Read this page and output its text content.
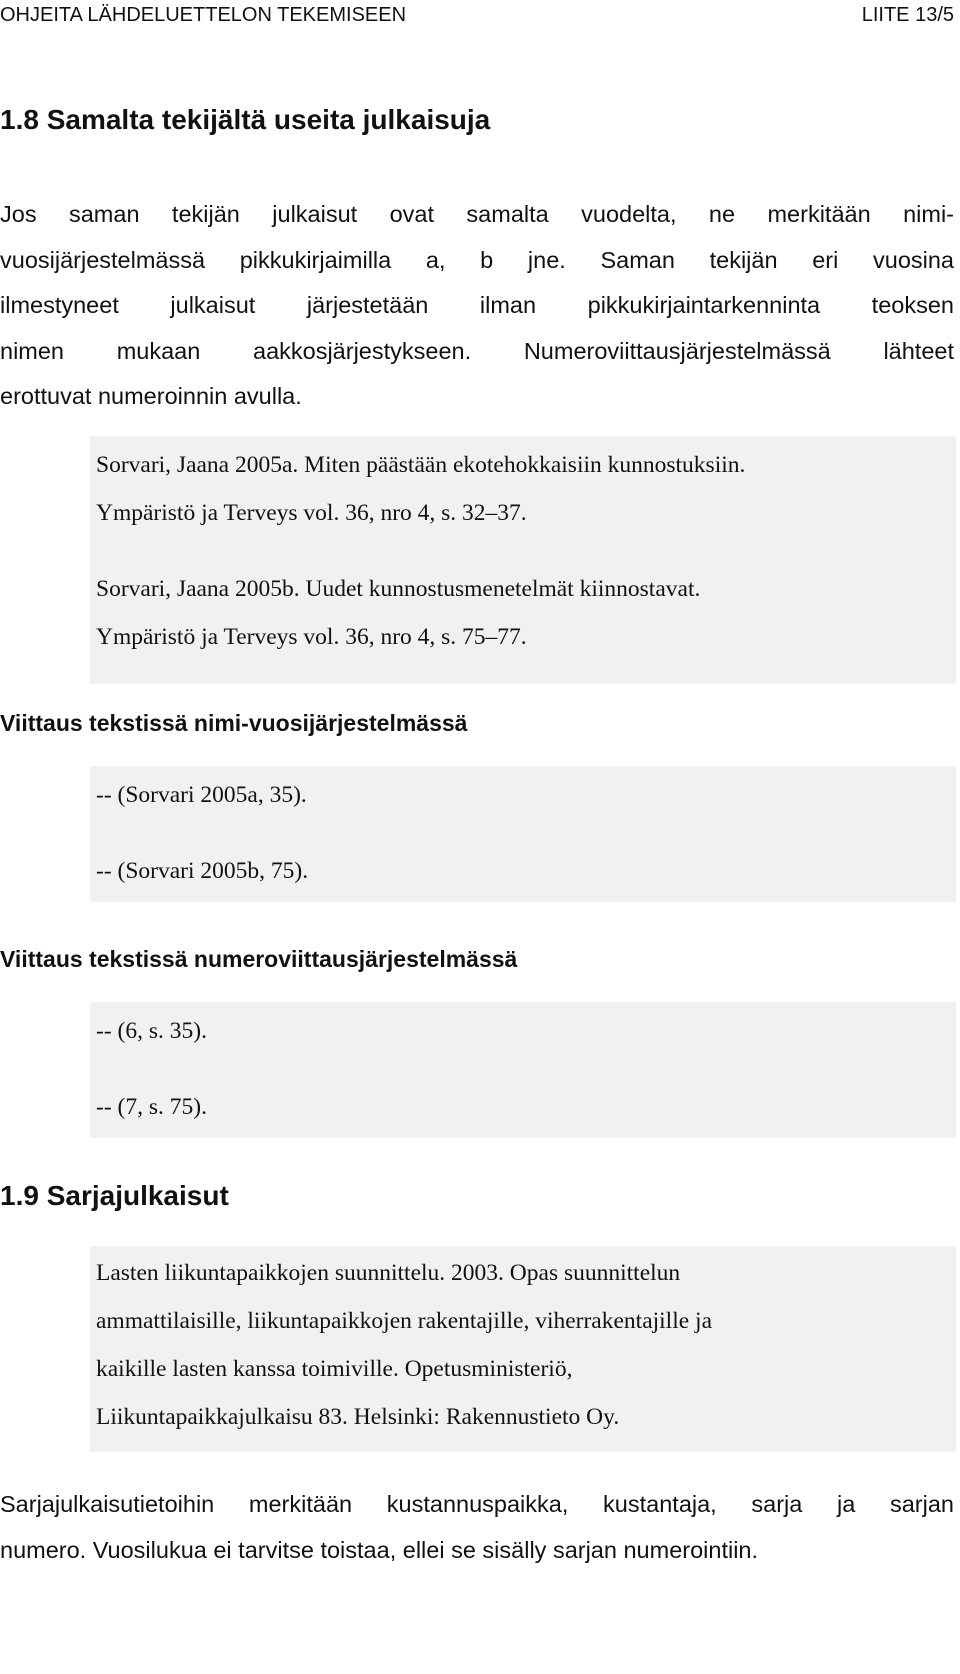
OHJEITA LÄHDELUETTELON TEKEMISEEN	LIITE 13/5
1.8 Samalta tekijältä useita julkaisuja
Jos saman tekijän julkaisut ovat samalta vuodelta, ne merkitään nimi-
vuosijärjestelmässä pikkukirjaimilla a, b jne. Saman tekijän eri vuosina
ilmestyneet julkaisut järjestetään ilman pikkukirjaintarkenninta teoksen
nimen mukaan aakkosjärjestykseen. Numeroviittausjärjestelmässä lähteet
erottuvat numeroinnin avulla.
Sorvari, Jaana 2005a. Miten päästään ekotehokkaisiin kunnostuksiin.
Ympäristö ja Terveys vol. 36, nro 4, s. 32–37.
Sorvari, Jaana 2005b. Uudet kunnostusmenetelmät kiinnostavat.
Ympäristö ja Terveys vol. 36, nro 4, s. 75–77.
Viittaus tekstissä nimi-vuosijärjestelmässä
-- (Sorvari 2005a, 35).
-- (Sorvari 2005b, 75).
Viittaus tekstissä numeroviittausjärjestelmässä
-- (6, s. 35).
-- (7, s. 75).
1.9 Sarjajulkaisut
Lasten liikuntapaikkojen suunnittelu. 2003. Opas suunnittelun
ammattilaisille, liikuntapaikkojen rakentajille, viherrakentajille ja
kaikille lasten kanssa toimiville. Opetusministeriö,
Liikuntapaikkajulkaisu 83. Helsinki: Rakennustieto Oy.
Sarjajulkaisutietoihin merkitään kustannuspaikka, kustantaja, sarja ja sarjan
numero. Vuosilukua ei tarvitse toistaa, ellei se sisälly sarjan numerointiin.
